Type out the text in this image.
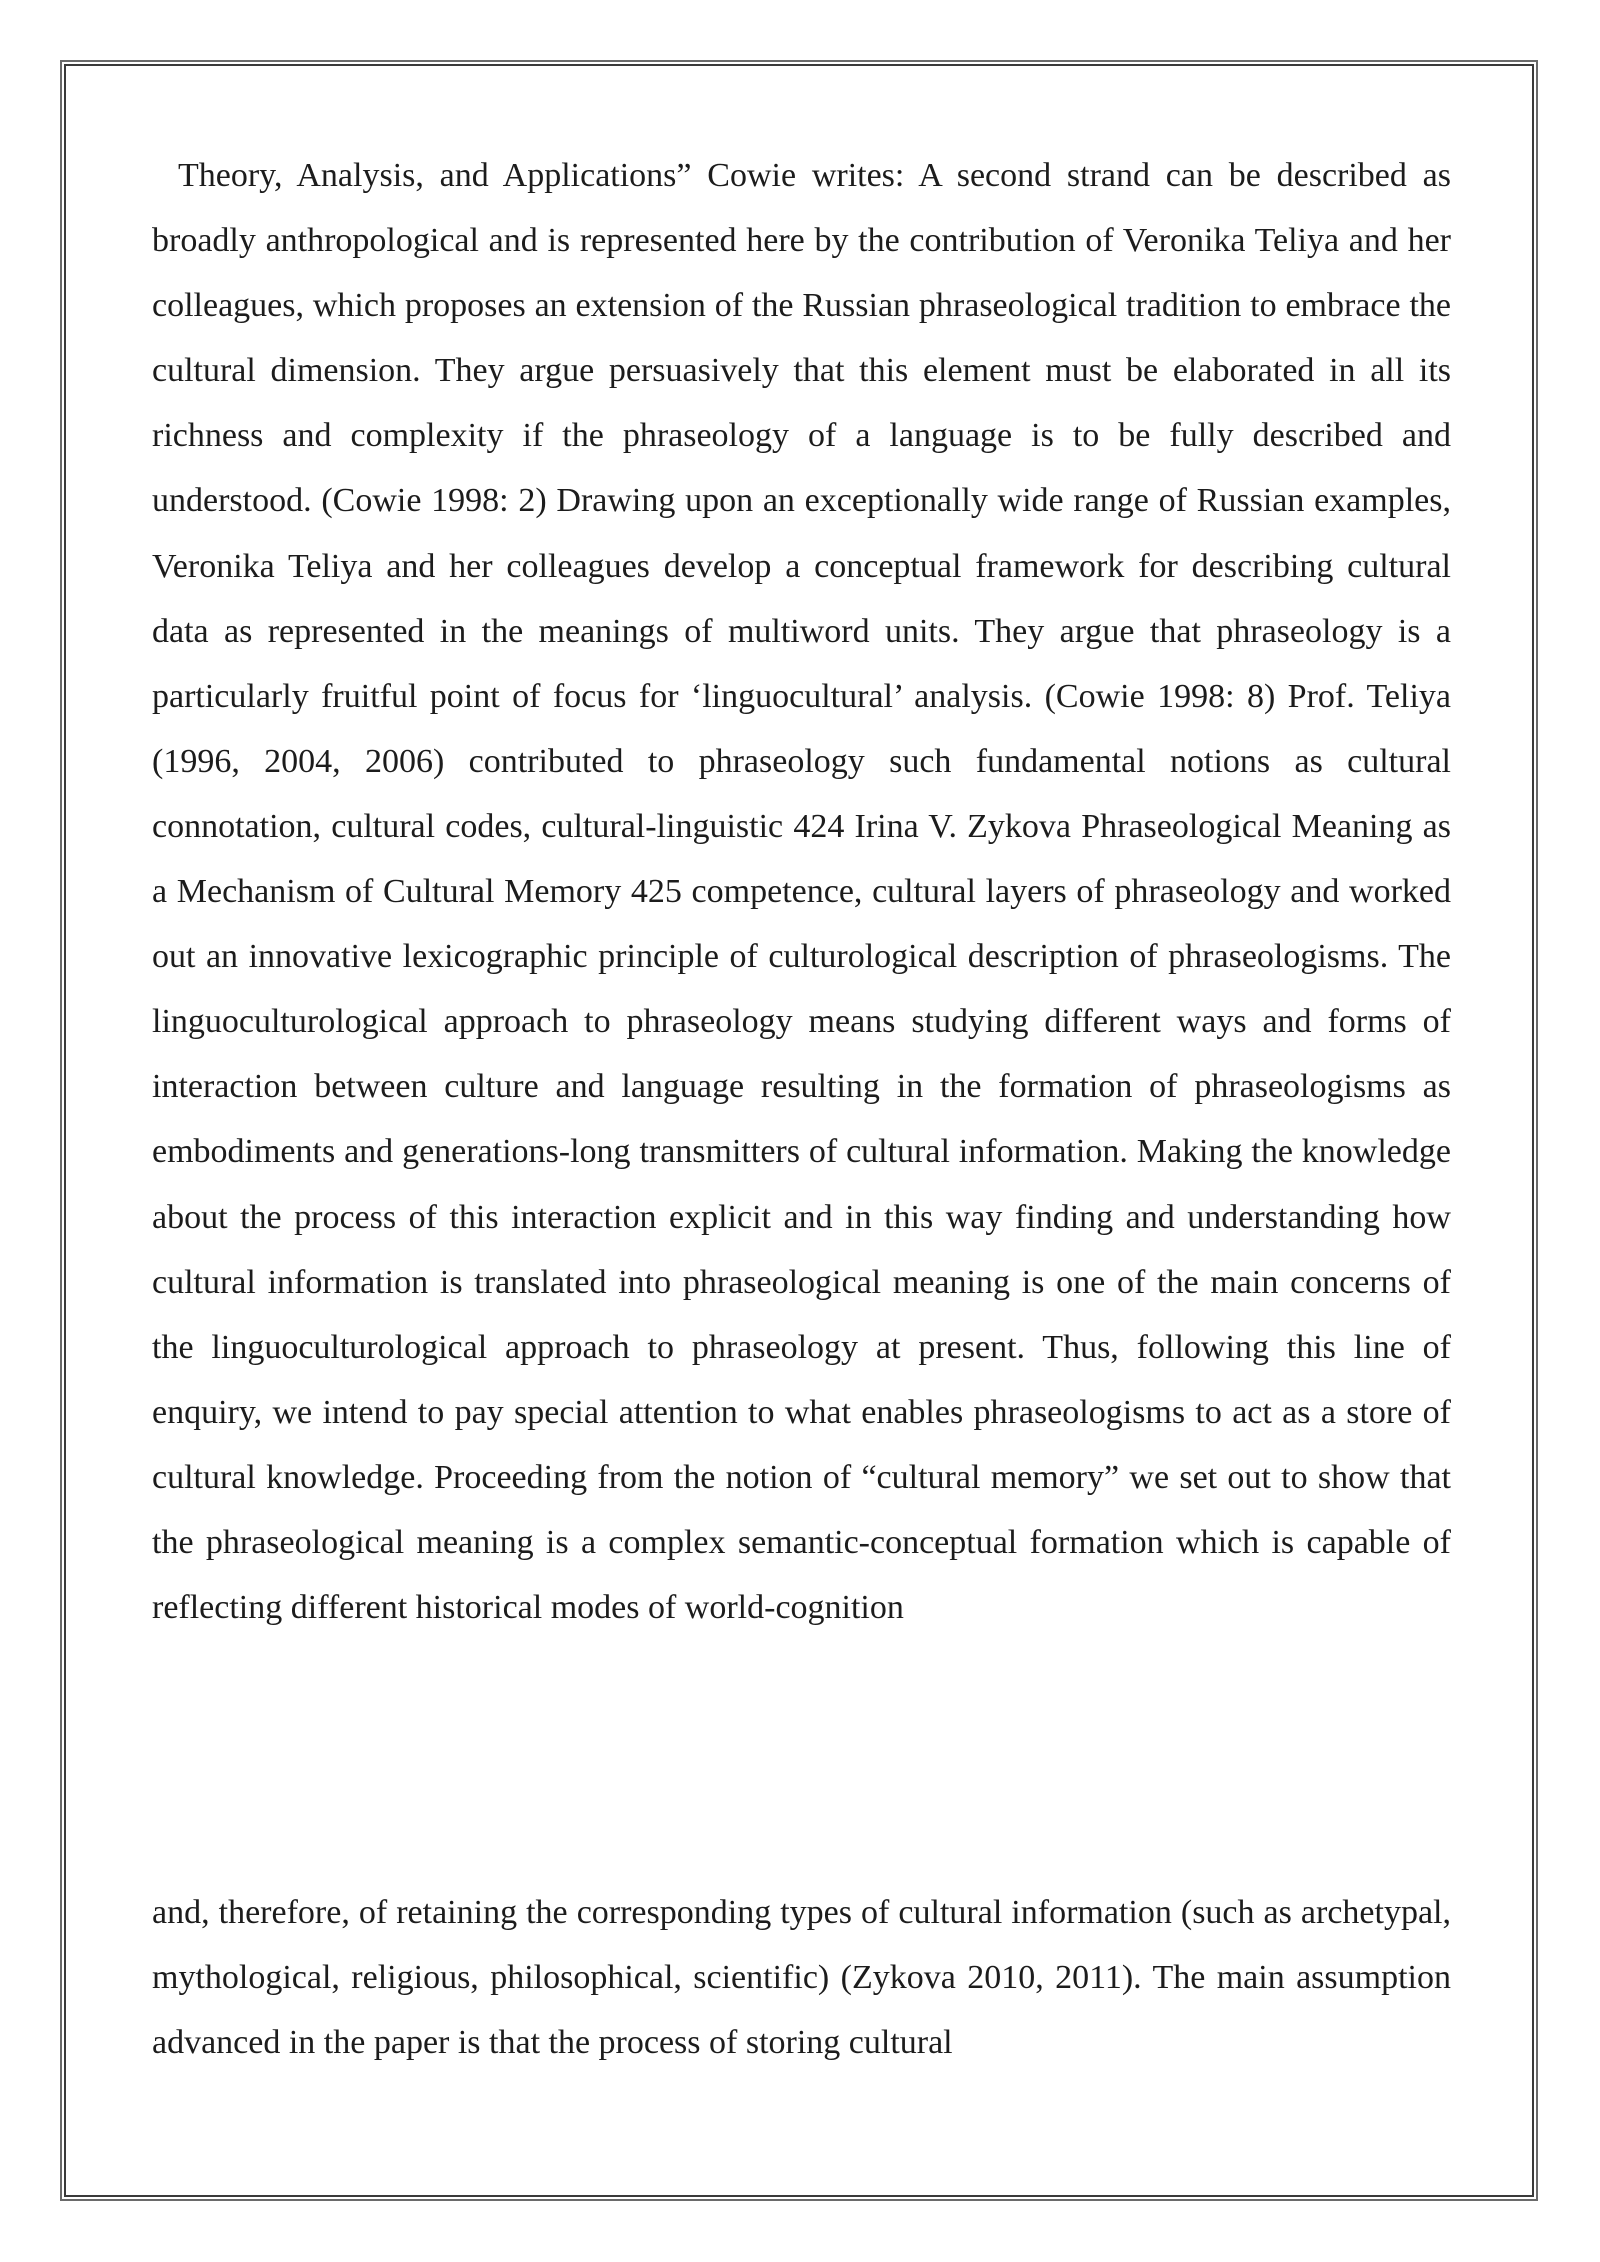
Theory, Analysis, and Applications” Cowie writes: A second strand can be described as broadly anthropological and is represented here by the contribution of Veronika Teliya and her colleagues, which proposes an extension of the Russian phraseological tradition to embrace the cultural dimension. They argue persuasively that this element must be elaborated in all its richness and complexity if the phraseology of a language is to be fully described and understood. (Cowie 1998: 2) Drawing upon an exceptionally wide range of Russian examples, Veronika Teliya and her colleagues develop a conceptual framework for describing cultural data as represented in the meanings of multiword units. They argue that phraseology is a particularly fruitful point of focus for ‘linguocultural’ analysis. (Cowie 1998: 8) Prof. Teliya (1996, 2004, 2006) contributed to phraseology such fundamental notions as cultural connotation, cultural codes, cultural-linguistic 424 Irina V. Zykova Phraseological Meaning as a Mechanism of Cultural Memory 425 competence, cultural layers of phraseology and worked out an innovative lexicographic principle of culturological description of phraseologisms. The linguoculturological approach to phraseology means studying different ways and forms of interaction between culture and language resulting in the formation of phraseologisms as embodiments and generations-long transmitters of cultural information. Making the knowledge about the process of this interaction explicit and in this way finding and understanding how cultural information is translated into phraseological meaning is one of the main concerns of the linguoculturological approach to phraseology at present. Thus, following this line of enquiry, we intend to pay special attention to what enables phraseologisms to act as a store of cultural knowledge. Proceeding from the notion of “cultural memory” we set out to show that the phraseological meaning is a complex semantic-conceptual formation which is capable of reflecting different historical modes of world-cognition

and, therefore, of retaining the corresponding types of cultural information (such as archetypal, mythological, religious, philosophical, scientific) (Zykova 2010, 2011). The main assumption advanced in the paper is that the process of storing cultural
